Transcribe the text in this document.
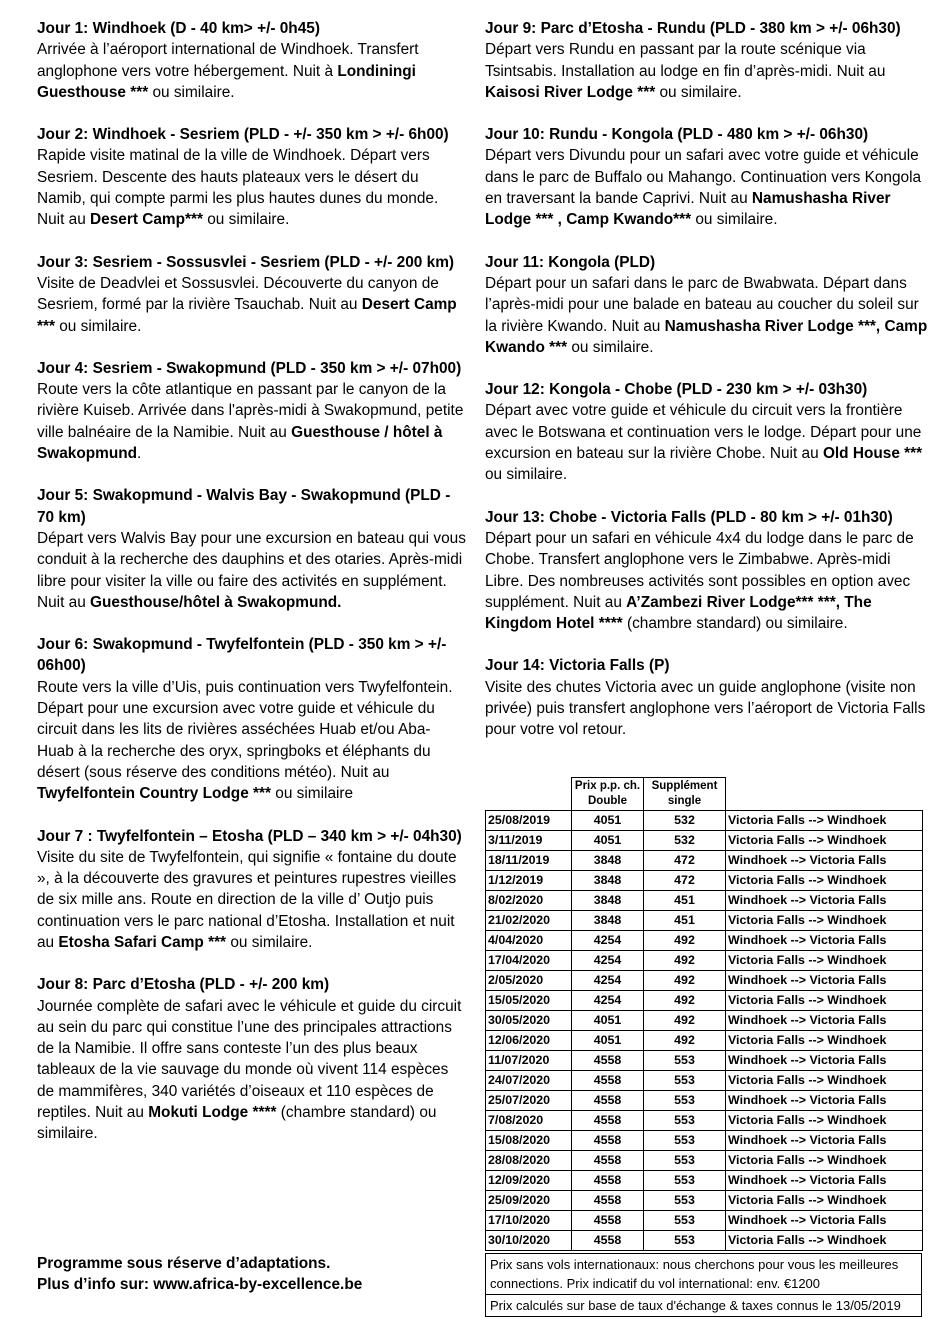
Jour 1: Windhoek (D - 40 km> +/- 0h45)
Arrivée à l’aéroport international de Windhoek. Transfert anglophone vers votre hébergement. Nuit à Londiningi Guesthouse *** ou similaire.
Jour 2: Windhoek - Sesriem (PLD - +/- 350 km > +/- 6h00)
Rapide visite matinal de la ville de Windhoek. Départ vers Sesriem. Descente des hauts plateaux vers le désert du Namib, qui compte parmi les plus hautes dunes du monde. Nuit au Desert Camp*** ou similaire.
Jour 3: Sesriem - Sossusvlei - Sesriem (PLD - +/- 200 km)
Visite de Deadvlei et Sossusvlei. Découverte du canyon de Sesriem, formé par la rivière Tsauchab. Nuit au Desert Camp *** ou similaire.
Jour 4: Sesriem - Swakopmund (PLD - 350 km > +/- 07h00)
Route vers la côte atlantique en passant par le canyon de la rivière Kuiseb. Arrivée dans l'après-midi à Swakopmund, petite ville balnéaire de la Namibie. Nuit au Guesthouse / hôtel à Swakopmund.
Jour 5: Swakopmund - Walvis Bay - Swakopmund (PLD - 70 km)
Départ vers Walvis Bay pour une excursion en bateau qui vous conduit à la recherche des dauphins et des otaries. Après-midi libre pour visiter la ville ou faire des activités en supplément. Nuit au Guesthouse/hôtel à Swakopmund.
Jour 6: Swakopmund - Twyfelfontein (PLD - 350 km > +/- 06h00)
Route vers la ville d’Uis, puis continuation vers Twyfelfontein. Départ pour une excursion avec votre guide et véhicule du circuit dans les lits de rivières asséchées Huab et/ou Aba-Huab à la recherche des oryx, springboks et éléphants du désert (sous réserve des conditions météo). Nuit au Twyfelfontein Country Lodge *** ou similaire
Jour 7 : Twyfelfontein – Etosha (PLD – 340 km > +/- 04h30)
Visite du site de Twyfelfontein, qui signifie « fontaine du doute », à la découverte des gravures et peintures rupestres vieilles de six mille ans. Route en direction de la ville d’ Outjo puis continuation vers le parc national d’Etosha. Installation et nuit au Etosha Safari Camp *** ou similaire.
Jour 8: Parc d’Etosha (PLD - +/- 200 km)
Journée complète de safari avec le véhicule et guide du circuit au sein du parc qui constitue l’une des principales attractions de la Namibie. Il offre sans conteste l’un des plus beaux tableaux de la vie sauvage du monde où vivent 114 espèces de mammifères, 340 variétés d’oiseaux et 110 espèces de reptiles. Nuit au Mokuti Lodge **** (chambre standard) ou similaire.
Jour 9: Parc d’Etosha - Rundu (PLD - 380 km > +/- 06h30)
Départ vers Rundu en passant par la route scénique via Tsintsabis. Installation au lodge en fin d’après-midi. Nuit au Kaisosi River Lodge *** ou similaire.
Jour 10: Rundu - Kongola (PLD - 480 km > +/- 06h30)
Départ vers Divundu pour un safari avec votre guide et véhicule dans le parc de Buffalo ou Mahango. Continuation vers Kongola en traversant la bande Caprivi. Nuit au Namushasha River Lodge *** , Camp Kwando*** ou similaire.
Jour 11: Kongola (PLD)
Départ pour un safari dans le parc de Bwabwata. Départ dans l’après-midi pour une balade en bateau au coucher du soleil sur la rivière Kwando. Nuit au Namushasha River Lodge ***, Camp Kwando *** ou similaire.
Jour 12: Kongola - Chobe (PLD - 230 km > +/- 03h30)
Départ avec votre guide et véhicule du circuit vers la frontière avec le Botswana et continuation vers le lodge. Départ pour une excursion en bateau sur la rivière Chobe. Nuit au Old House *** ou similaire.
Jour 13: Chobe - Victoria Falls (PLD - 80 km > +/- 01h30)
Départ pour un safari en véhicule 4x4 du lodge dans le parc de Chobe. Transfert anglophone vers le Zimbabwe. Après-midi Libre. Des nombreuses activités sont possibles en option avec supplément. Nuit au A’Zambezi River Lodge*** ***, The Kingdom Hotel **** (chambre standard) ou similaire.
Jour 14: Victoria Falls (P)
Visite des chutes Victoria avec un guide anglophone (visite non privée) puis transfert anglophone vers l’aéroport de Victoria Falls pour votre vol retour.
	Prix p.p. ch. Double	Supplément single	
25/08/2019	4051	532	Victoria Falls --> Windhoek
3/11/2019	4051	532	Victoria Falls --> Windhoek
18/11/2019	3848	472	Windhoek --> Victoria Falls
1/12/2019	3848	472	Victoria Falls --> Windhoek
8/02/2020	3848	451	Windhoek --> Victoria Falls
21/02/2020	3848	451	Victoria Falls --> Windhoek
4/04/2020	4254	492	Windhoek --> Victoria Falls
17/04/2020	4254	492	Victoria Falls --> Windhoek
2/05/2020	4254	492	Windhoek --> Victoria Falls
15/05/2020	4254	492	Victoria Falls --> Windhoek
30/05/2020	4051	492	Windhoek --> Victoria Falls
12/06/2020	4051	492	Victoria Falls --> Windhoek
11/07/2020	4558	553	Windhoek --> Victoria Falls
24/07/2020	4558	553	Victoria Falls --> Windhoek
25/07/2020	4558	553	Windhoek --> Victoria Falls
7/08/2020	4558	553	Victoria Falls --> Windhoek
15/08/2020	4558	553	Windhoek --> Victoria Falls
28/08/2020	4558	553	Victoria Falls --> Windhoek
12/09/2020	4558	553	Windhoek --> Victoria Falls
25/09/2020	4558	553	Victoria Falls --> Windhoek
17/10/2020	4558	553	Windhoek --> Victoria Falls
30/10/2020	4558	553	Victoria Falls --> Windhoek
Prix sans vols internationaux: nous cherchons pour vous les meilleures connections. Prix indicatif du vol international: env. €1200
Prix calculés sur base de taux d'échange & taxes connus le 13/05/2019
Programme sous réserve d’adaptations.
Plus d’info sur: www.africa-by-excellence.be
